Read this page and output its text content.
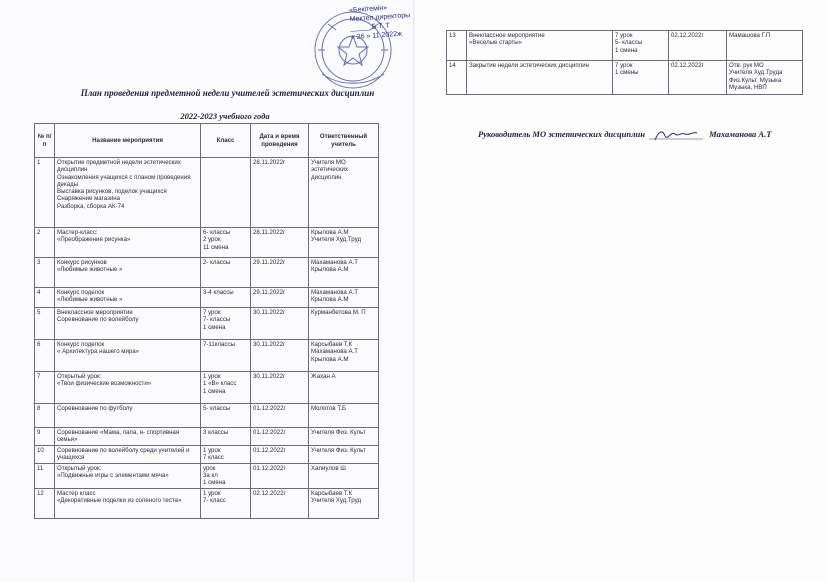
«Бекітемін»
Мектеп директоры
_____ Б.Т. Т
« 26 » 11 2022ж
План проведения предметной недели учителей эстетических дисциплин
2022-2023 учебного года
№ п/п	Название мероприятия	Класс	Дата и время проведения	Ответственный учитель
1	Открытие предметной недели эстетических дисциплин
Ознакомления учащихся с планом проведения декады
Выставка рисунков, поделок учащихся
Снаряжение магазина
Разборка, сборка АК-74		28.11.2022г	Учителя МО эстетических дисциплин
2	Мастер-класс:
«Преображение рисунка»	6- классы
2 урок
11 смена	28.11.2022г	Крылова А.М
Учителя Худ.Труд
3	Конкурс рисунков
«Любимые животные »	2- классы	29.11.2022г	Махаманова А.Т
Крылова А.М
4	Конкурс поделок
«Любимые животные »	3-4 классы	29.11.2022г	Махаманова А.Т
Крылова А.М
5	Внеклассное мероприятие
Соревнование по волейболу	7 урок
7- классы
1 смена	30.11.2022г	Курманбетова М. П
6	Конкурс поделок
« Архитектура нашего мира»	7-11классы	30.11.2022г	Карсыбаев Т.К
Махаманова А.Т
Крылова А.М
7	Открытый урок:
«Твои физические возможности»	1 урок
1 «В» класс
1 смена	30.11.2022г	Жахан А
8	Соревнование по футболу	5- классы	01.12.2022г	Молотов Т.Б
9	Соревнование «Мама, папа, я- спортивная семья»	3 классы	01.12.2022г	Учителя Физ. Культ
10	Соревнование по волейболу среди учителей и учащихся	1 урок
7 класс	01.12.2022г	Учителя Физ. Культ
11	Открытый урок:
«Подвижные игры с элементами мяча»	урок
3а кл
1 смена	01.12.2022г	Халиулов Ш
12	Мастер класс
«Декоративные поделки из соленого теста»	1 урок
7- класс	02.12.2022г	Карсыбаев Т.К
Учителя Худ.Труд
13	Внеклассное мероприятие
«Веселые старты»	7 урок
5- классы
1 смена	02.12.2022г	Мамашова Г.П
14	Закрытие недели эстетических дисциплин	7 урок
1 смены	02.12.2022г	Отв: рук МО
Учителя Худ.Труда
Физ.Культ. Музыка
Музыка, НВП
Руководитель МО эстетических дисциплин	Махаманова А.Т
